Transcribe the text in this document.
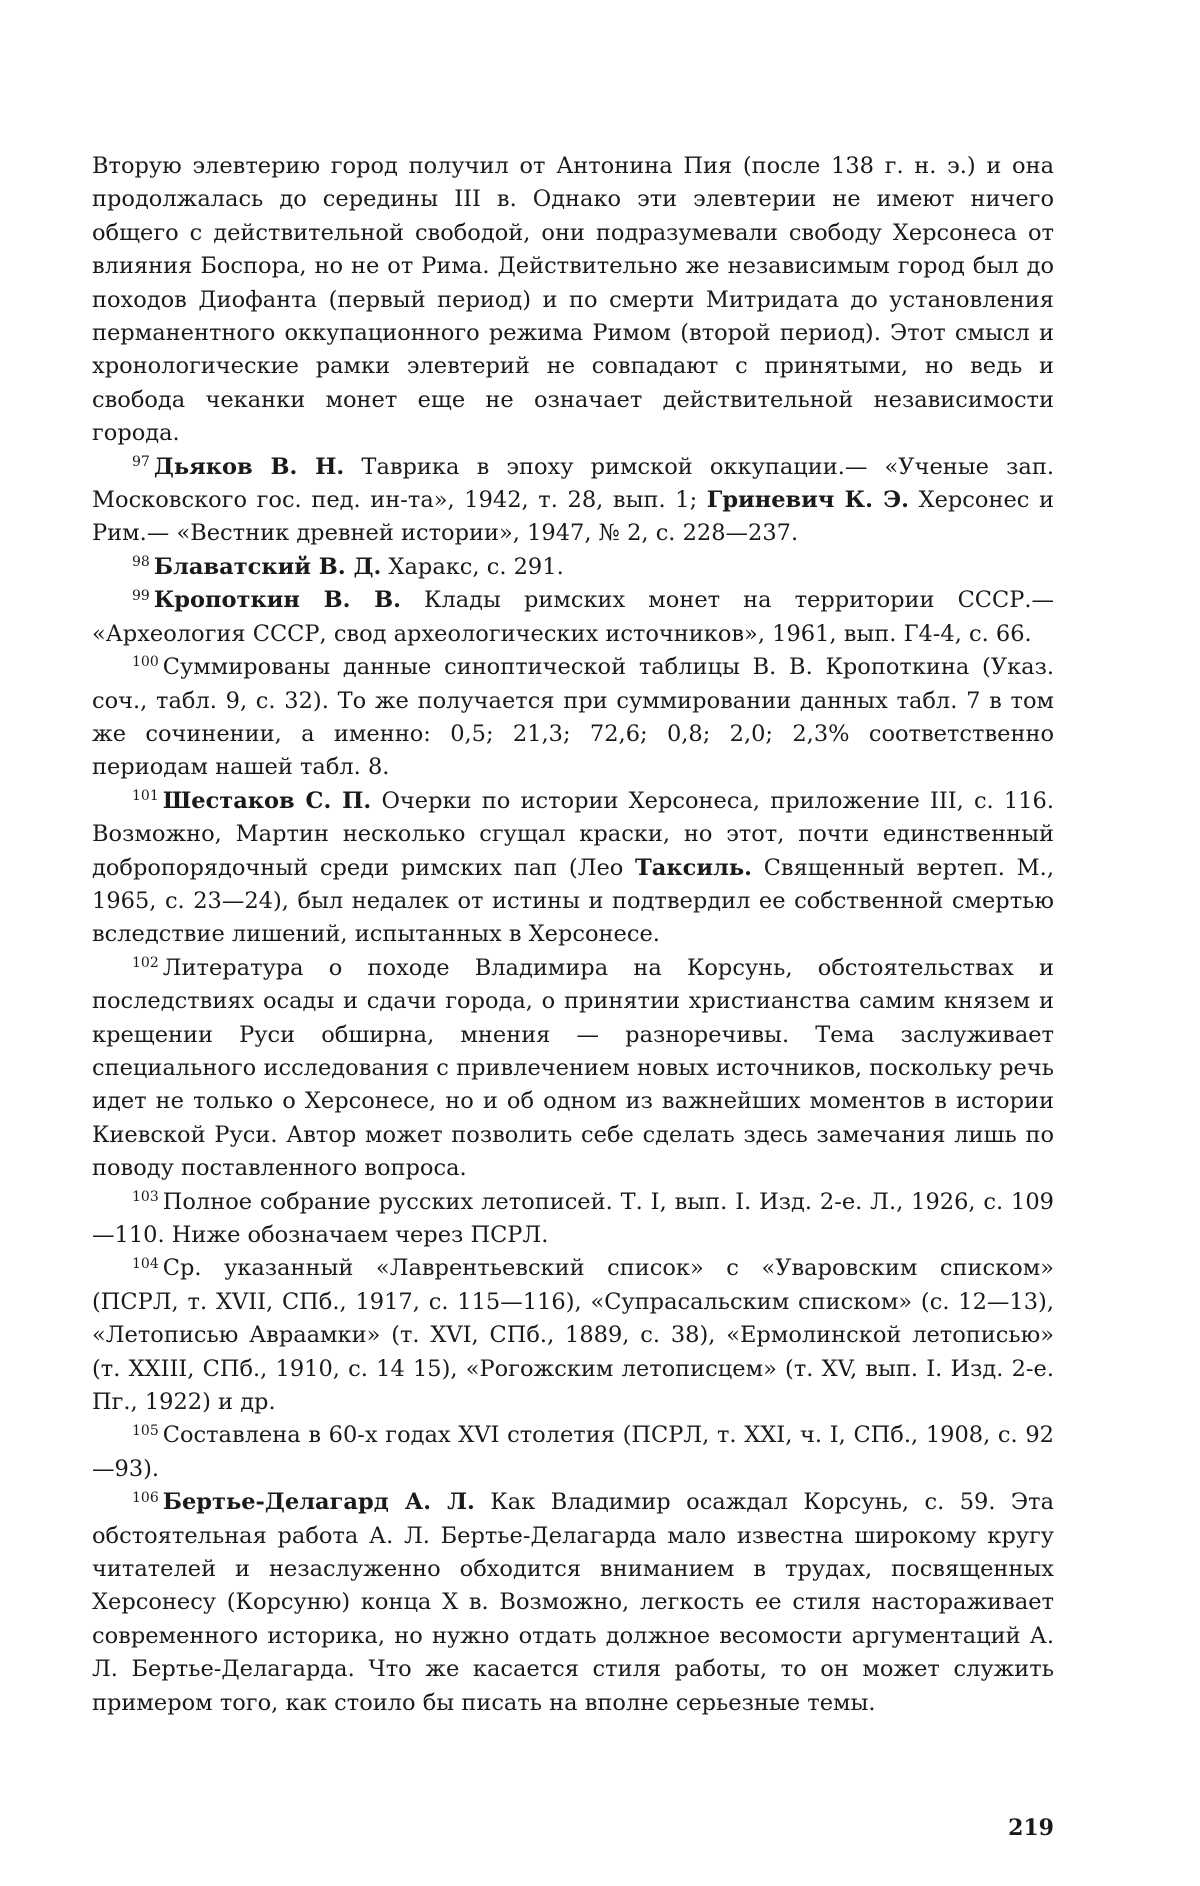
Вторую элевтерию город получил от Антонина Пия (после 138 г. н. э.) и она продолжалась до середины III в. Однако эти элевтерии не имеют ничего общего с действительной свободой, они подразумевали свободу Херсонеса от влияния Боспора, но не от Рима. Действительно же независимым город был до походов Диофанта (первый период) и по смерти Митридата до установления перманентного оккупационного режима Римом (второй период). Этот смысл и хронологические рамки элевтерий не совпадают с принятыми, но ведь и свобода чеканки монет еще не означает действительной независимости города.

$^{97}$ Дьяков В. Н. Таврика в эпоху римской оккупации.— «Ученые зап. Московского гос. пед. ин-та», 1942, т. 28, вып. 1; Гриневич К. Э. Херсонес и Рим.— «Вестник древней истории», 1947, № 2, с. 228—237.

$^{98}$ Блаватский В. Д. Харакс, с. 291.

$^{99}$ Кропоткин В. В. Клады римских монет на территории СССР.— «Археология СССР, свод археологических источников», 1961, вып. Г4-4, с. 66.

$^{100}$ Суммированы данные синоптической таблицы В. В. Кропоткина (Указ. соч., табл. 9, с. 32). То же получается при суммировании данных табл. 7 в том же сочинении, а именно: 0,5; 21,3; 72,6; 0,8; 2,0; 2,3% соответственно периодам нашей табл. 8.

$^{101}$ Шестаков С. П. Очерки по истории Херсонеса, приложение III, с. 116. Возможно, Мартин несколько сгущал краски, но этот, почти единственный добропорядочный среди римских пап (Лео Таксиль. Священный вертеп. М., 1965, с. 23—24), был недалек от истины и подтвердил ее собственной смертью вследствие лишений, испытанных в Херсонесе.

$^{102}$ Литература о походе Владимира на Корсунь, обстоятельствах и последствиях осады и сдачи города, о принятии христианства самим князем и крещении Руси обширна, мнения — разноречивы. Тема заслуживает специального исследования с привлечением новых источников, поскольку речь идет не только о Херсонесе, но и об одном из важнейших моментов в истории Киевской Руси. Автор может позволить себе сделать здесь замечания лишь по поводу поставленного вопроса.

$^{103}$ Полное собрание русских летописей. Т. I, вып. I. Изд. 2-е. Л., 1926, с. 109—110. Ниже обозначаем через ПСРЛ.

$^{104}$ Ср. указанный «Лаврентьевский список» с «Уваровским списком» (ПСРЛ, т. XVII, СПб., 1917, с. 115—116), «Супрасальским списком» (с. 12—13), «Летописью Авраамки» (т. XVI, СПб., 1889, с. 38), «Ермолинской летописью» (т. XXIII, СПб., 1910, с. 14 15), «Рогожским летописцем» (т. XV, вып. I. Изд. 2-е. Пг., 1922) и др.

$^{105}$ Составлена в 60-х годах XVI столетия (ПСРЛ, т. XXI, ч. I, СПб., 1908, с. 92—93).

$^{106}$ Бертье-Делагард А. Л. Как Владимир осаждал Корсунь, с. 59. Эта обстоятельная работа А. Л. Бертье-Делагарда мало известна широкому кругу читателей и незаслуженно обходится вниманием в трудах, посвященных Херсонесу (Корсуню) конца X в. Возможно, легкость ее стиля настораживает современного историка, но нужно отдать должное весомости аргументаций А. Л. Бертье-Делагарда. Что же касается стиля работы, то он может служить примером того, как стоило бы писать на вполне серьезные темы.

219
